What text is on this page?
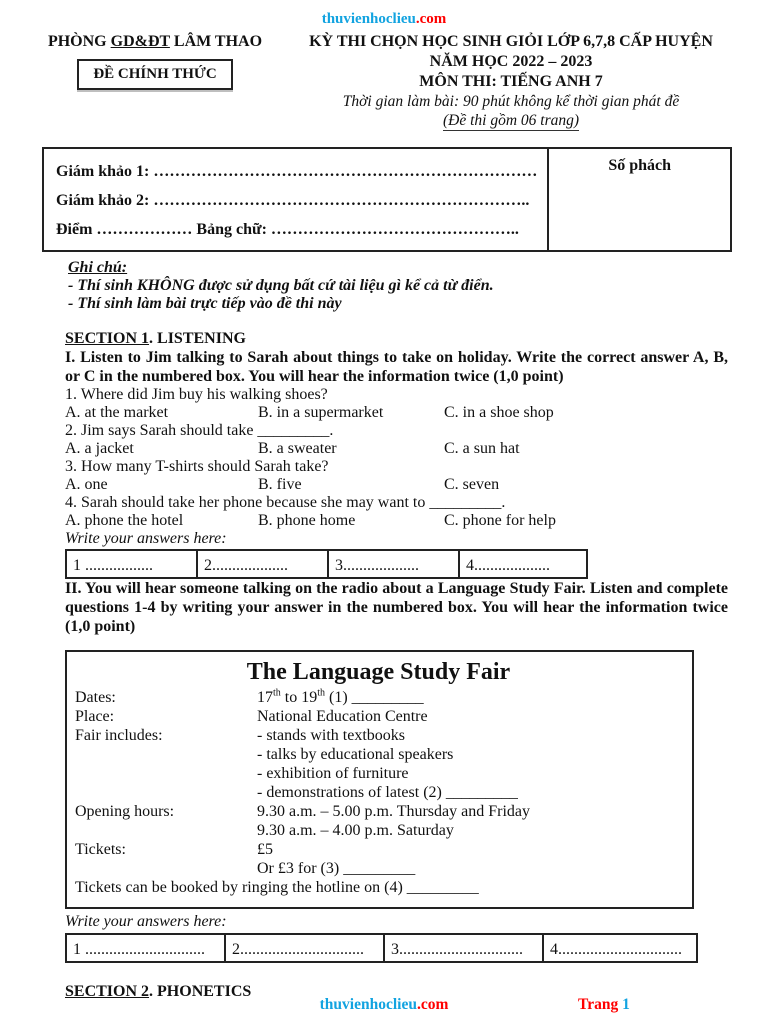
thuvienhoclieu.com
PHÒNG GD&ĐT LÂM THAO
ĐỀ CHÍNH THỨC
KỲ THI CHỌN HỌC SINH GIỎI LỚP 6,7,8 CẤP HUYỆN
NĂM HỌC 2022 – 2023
MÔN THI: TIẾNG ANH 7
Thời gian làm bài: 90 phút không kể thời gian phát đề
(Đề thi gồm 06 trang)
Giám khảo 1: ………………………………………………………………
Giám khảo 2: ……………………………………………………………..
Điểm ……………… Bảng chữ: ………………………………………..
Số phách
Ghi chú:
- Thí sinh KHÔNG được sử dụng bất cứ tài liệu gì kể cả từ điển.
- Thí sinh làm bài trực tiếp vào đề thi này
SECTION 1. LISTENING
I. Listen to Jim talking to Sarah about things to take on holiday. Write the correct answer A, B, or C in the numbered box. You will hear the information twice (1,0 point)
1. Where did Jim buy his walking shoes?
A. at the market	B. in a supermarket	C. in a shoe shop
2. Jim says Sarah should take _________.
A. a jacket	B. a sweater	C. a sun hat
3. How many T-shirts should Sarah take?
A. one	B. five	C. seven
4. Sarah should take her phone because she may want to _________.
A. phone the hotel	B. phone home	C. phone for help
Write your answers here:
1 .................	2...................	3...................	4...................
II. You will hear someone talking on the radio about a Language Study Fair. Listen and complete questions 1-4 by writing your answer in the numbered box. You will hear the information twice (1,0 point)
The Language Study Fair
Dates:	17th to 19th (1) _________
Place:	National Education Centre
Fair includes:	- stands with textbooks
- talks by educational speakers
- exhibition of furniture
- demonstrations of latest (2) _________
Opening hours:	9.30 a.m. – 5.00 p.m. Thursday and Friday
9.30 a.m. – 4.00 p.m. Saturday
Tickets:	£5
Or £3 for (3) _________
Tickets can be booked by ringing the hotline on (4) _________
Write your answers here:
1 ..............................	2...............................	3...............................	4...............................
SECTION 2. PHONETICS
thuvienhoclieu.com	Trang 1
